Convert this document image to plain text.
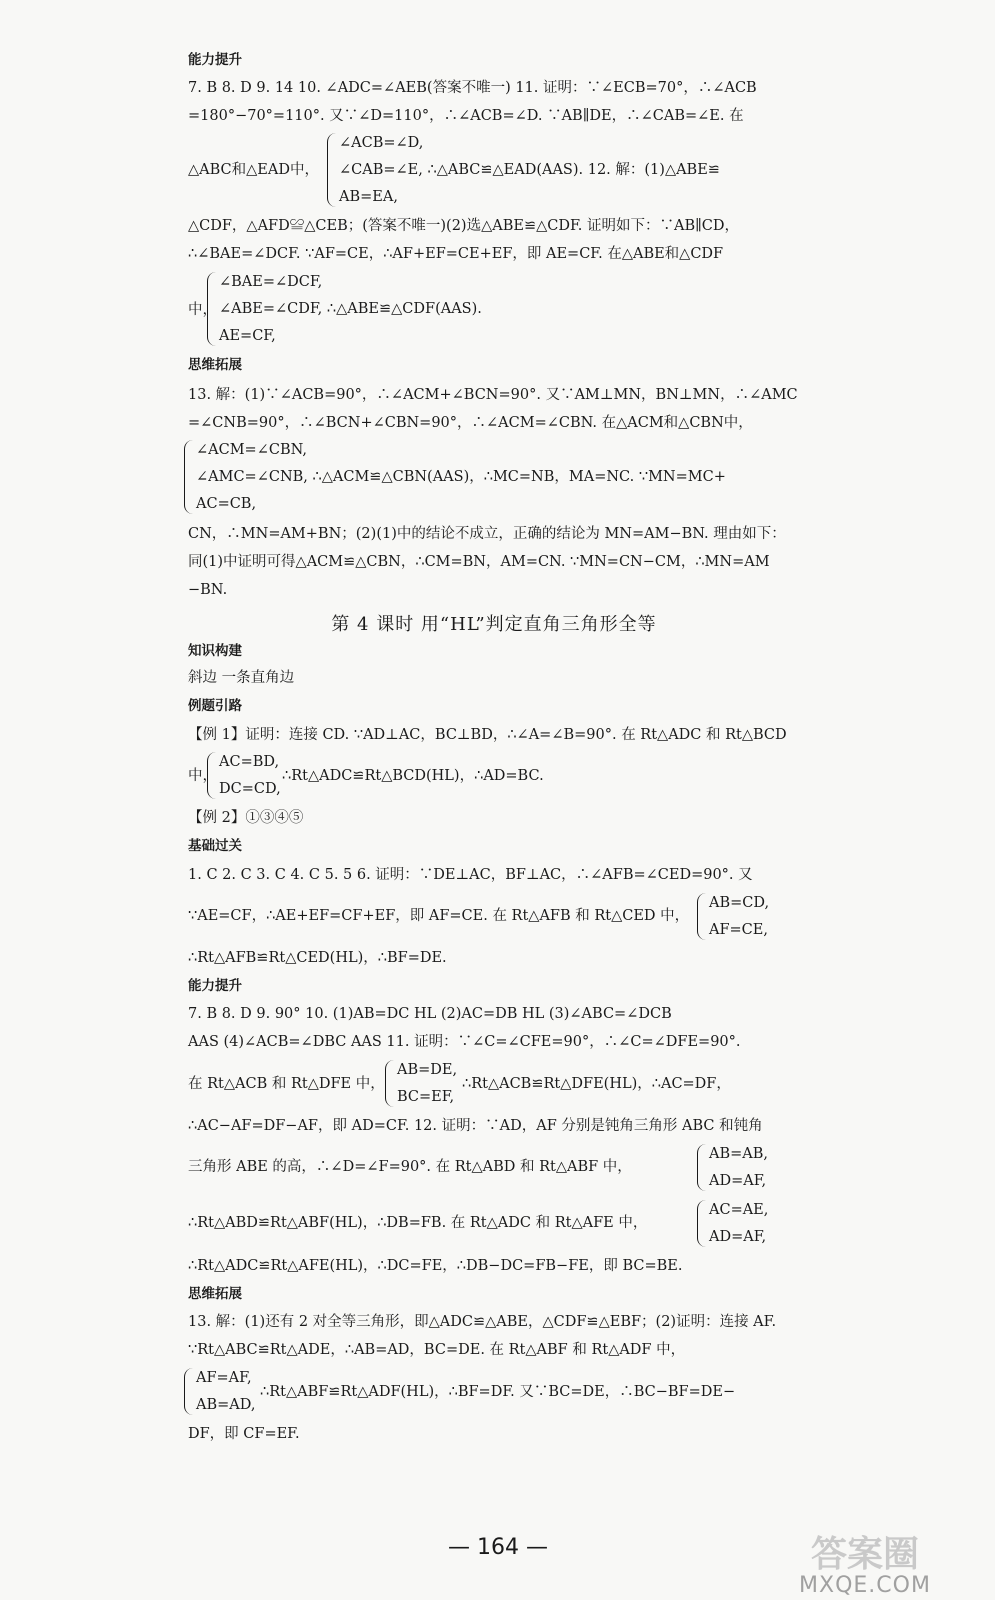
能力提升
7. B 8. D 9. 14 10. ∠ADC=∠AEB(答案不唯一) 11. 证明：∵∠ECB=70°，∴∠ACB
=180°−70°=110°. 又∵∠D=110°，∴∠ACB=∠D. ∵AB∥DE，∴∠CAB=∠E. 在
△ABC和△EAD中，
∠ACB=∠D,
∠CAB=∠E, ∴△ABC≌△EAD(AAS). 12. 解：(1)△ABE≌
AB=EA,
△CDF，△AFD≌△CEB；(答案不唯一)(2)选△ABE≌△CDF. 证明如下：∵AB∥CD，
∴∠BAE=∠DCF. ∵AF=CE，∴AF+EF=CE+EF，即 AE=CF. 在△ABE和△CDF
中，
∠BAE=∠DCF,
∠ABE=∠CDF, ∴△ABE≌△CDF(AAS).
AE=CF,
思维拓展
13. 解：(1)∵∠ACB=90°，∴∠ACM+∠BCN=90°. 又∵AM⊥MN，BN⊥MN，∴∠AMC
=∠CNB=90°，∴∠BCN+∠CBN=90°，∴∠ACM=∠CBN. 在△ACM和△CBN中，
∠ACM=∠CBN,
∠AMC=∠CNB, ∴△ACM≌△CBN(AAS)，∴MC=NB，MA=NC. ∵MN=MC+
AC=CB,
CN，∴MN=AM+BN；(2)(1)中的结论不成立，正确的结论为 MN=AM−BN. 理由如下：
同(1)中证明可得△ACM≌△CBN，∴CM=BN，AM=CN. ∵MN=CN−CM，∴MN=AM
−BN.
第 4 课时 用“HL”判定直角三角形全等
知识构建
斜边 一条直角边
例题引路
【例 1】证明：连接 CD. ∵AD⊥AC，BC⊥BD，∴∠A=∠B=90°. 在 Rt△ADC 和 Rt△BCD
中，
AC=BD,
DC=CD,
∴Rt△ADC≌Rt△BCD(HL)，∴AD=BC.
【例 2】①③④⑤
基础过关
1. C 2. C 3. C 4. C 5. 5 6. 证明：∵DE⊥AC，BF⊥AC，∴∠AFB=∠CED=90°. 又
∵AE=CF，∴AE+EF=CF+EF，即 AF=CE. 在 Rt△AFB 和 Rt△CED 中，
AB=CD,
AF=CE,
∴Rt△AFB≌Rt△CED(HL)，∴BF=DE.
能力提升
7. B 8. D 9. 90° 10. (1)AB=DC HL (2)AC=DB HL (3)∠ABC=∠DCB
AAS (4)∠ACB=∠DBC AAS 11. 证明：∵∠C=∠CFE=90°，∴∠C=∠DFE=90°.
在 Rt△ACB 和 Rt△DFE 中，
AB=DE,
BC=EF,
∴Rt△ACB≌Rt△DFE(HL)，∴AC=DF，
∴AC−AF=DF−AF，即 AD=CF. 12. 证明：∵AD，AF 分别是钝角三角形 ABC 和钝角
三角形 ABE 的高，∴∠D=∠F=90°. 在 Rt△ABD 和 Rt△ABF 中，
AB=AB,
AD=AF,
∴Rt△ABD≌Rt△ABF(HL)，∴DB=FB. 在 Rt△ADC 和 Rt△AFE 中，
AC=AE,
AD=AF,
∴Rt△ADC≌Rt△AFE(HL)，∴DC=FE，∴DB−DC=FB−FE，即 BC=BE.
思维拓展
13. 解：(1)还有 2 对全等三角形，即△ADC≌△ABE，△CDF≌△EBF；(2)证明：连接 AF.
∵Rt△ABC≌Rt△ADE，∴AB=AD，BC=DE. 在 Rt△ABF 和 Rt△ADF 中，
AF=AF,
AB=AD,
∴Rt△ABF≌Rt△ADF(HL)，∴BF=DF. 又∵BC=DE，∴BC−BF=DE−
DF，即 CF=EF.
— 164 —	答案圈
MXQE.COM
